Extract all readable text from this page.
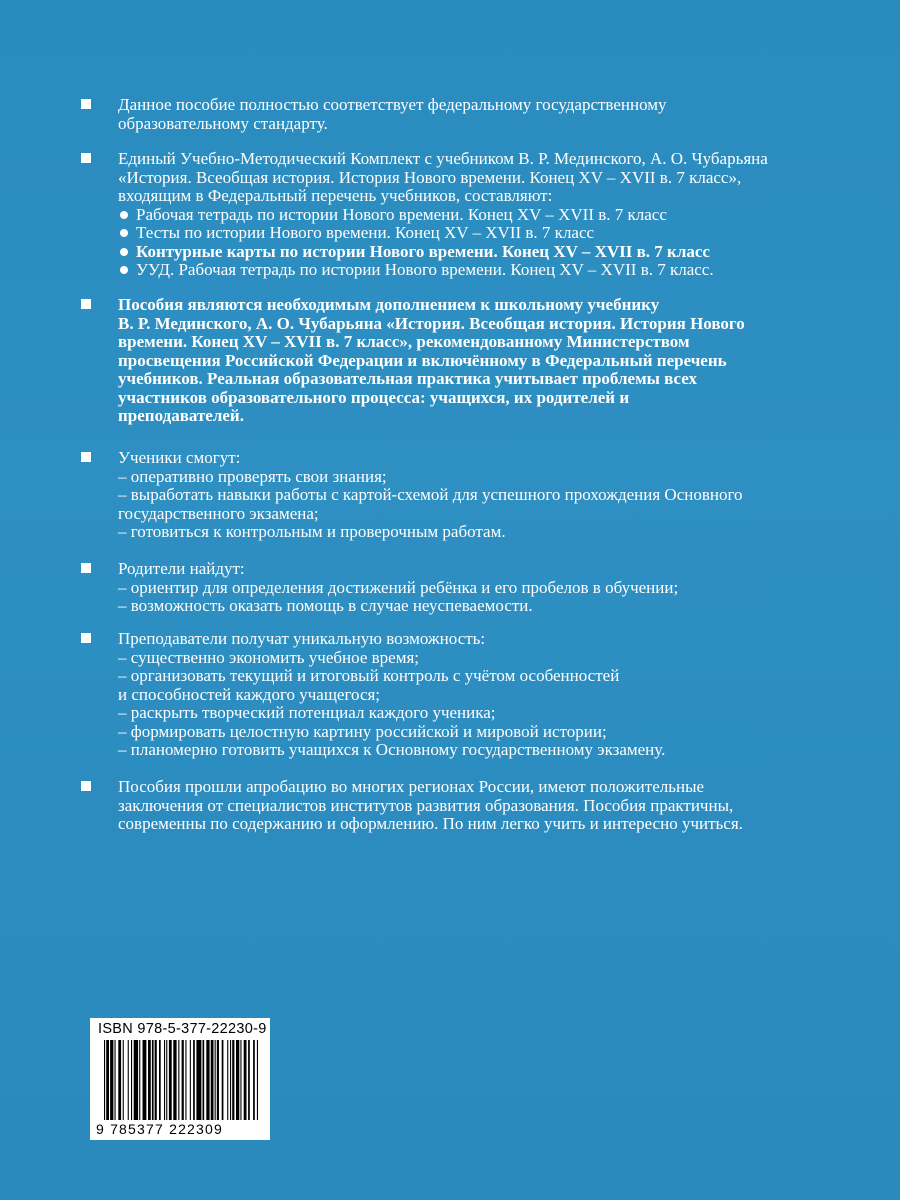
Данное пособие полностью соответствует федеральному государственному
образовательному стандарту.
Единый Учебно-Методический Комплект с учебником В. Р. Мединского, А. О. Чубарьяна
«История. Всеобщая история. История Нового времени. Конец XV – XVII в. 7 класс»,
входящим в Федеральный перечень учебников, составляют:
Рабочая тетрадь по истории Нового времени. Конец XV – XVII в. 7 класс
Тесты по истории Нового времени. Конец XV – XVII в. 7 класс
Контурные карты по истории Нового времени. Конец XV – XVII в. 7 класс
УУД. Рабочая тетрадь по истории Нового времени. Конец XV – XVII в. 7 класс.
Пособия являются необходимым дополнением к школьному учебнику
В. Р. Мединского, А. О. Чубарьяна «История. Всеобщая история. История Нового
времени. Конец XV – XVII в. 7 класс», рекомендованному Министерством
просвещения Российской Федерации и включённому в Федеральный перечень
учебников. Реальная образовательная практика учитывает проблемы всех
участников образовательного процесса: учащихся, их родителей и
преподавателей.
Ученики смогут:
– оперативно проверять свои знания;
– выработать навыки работы с картой-схемой для успешного прохождения Основного
государственного экзамена;
– готовиться к контрольным и проверочным работам.
Родители найдут:
– ориентир для определения достижений ребёнка и его пробелов в обучении;
– возможность оказать помощь в случае неуспеваемости.
Преподаватели получат уникальную возможность:
– существенно экономить учебное время;
– организовать текущий и итоговый контроль с учётом особенностей
и способностей каждого учащегося;
– раскрыть творческий потенциал каждого ученика;
– формировать целостную картину российской и мировой истории;
– планомерно готовить учащихся к Основному государственному экзамену.
Пособия прошли апробацию во многих регионах России, имеют положительные
заключения от специалистов институтов развития образования. Пособия практичны,
современны по содержанию и оформлению. По ним легко учить и интересно учиться.
ISBN 978-5-377-22230-9
9 785377 222309
